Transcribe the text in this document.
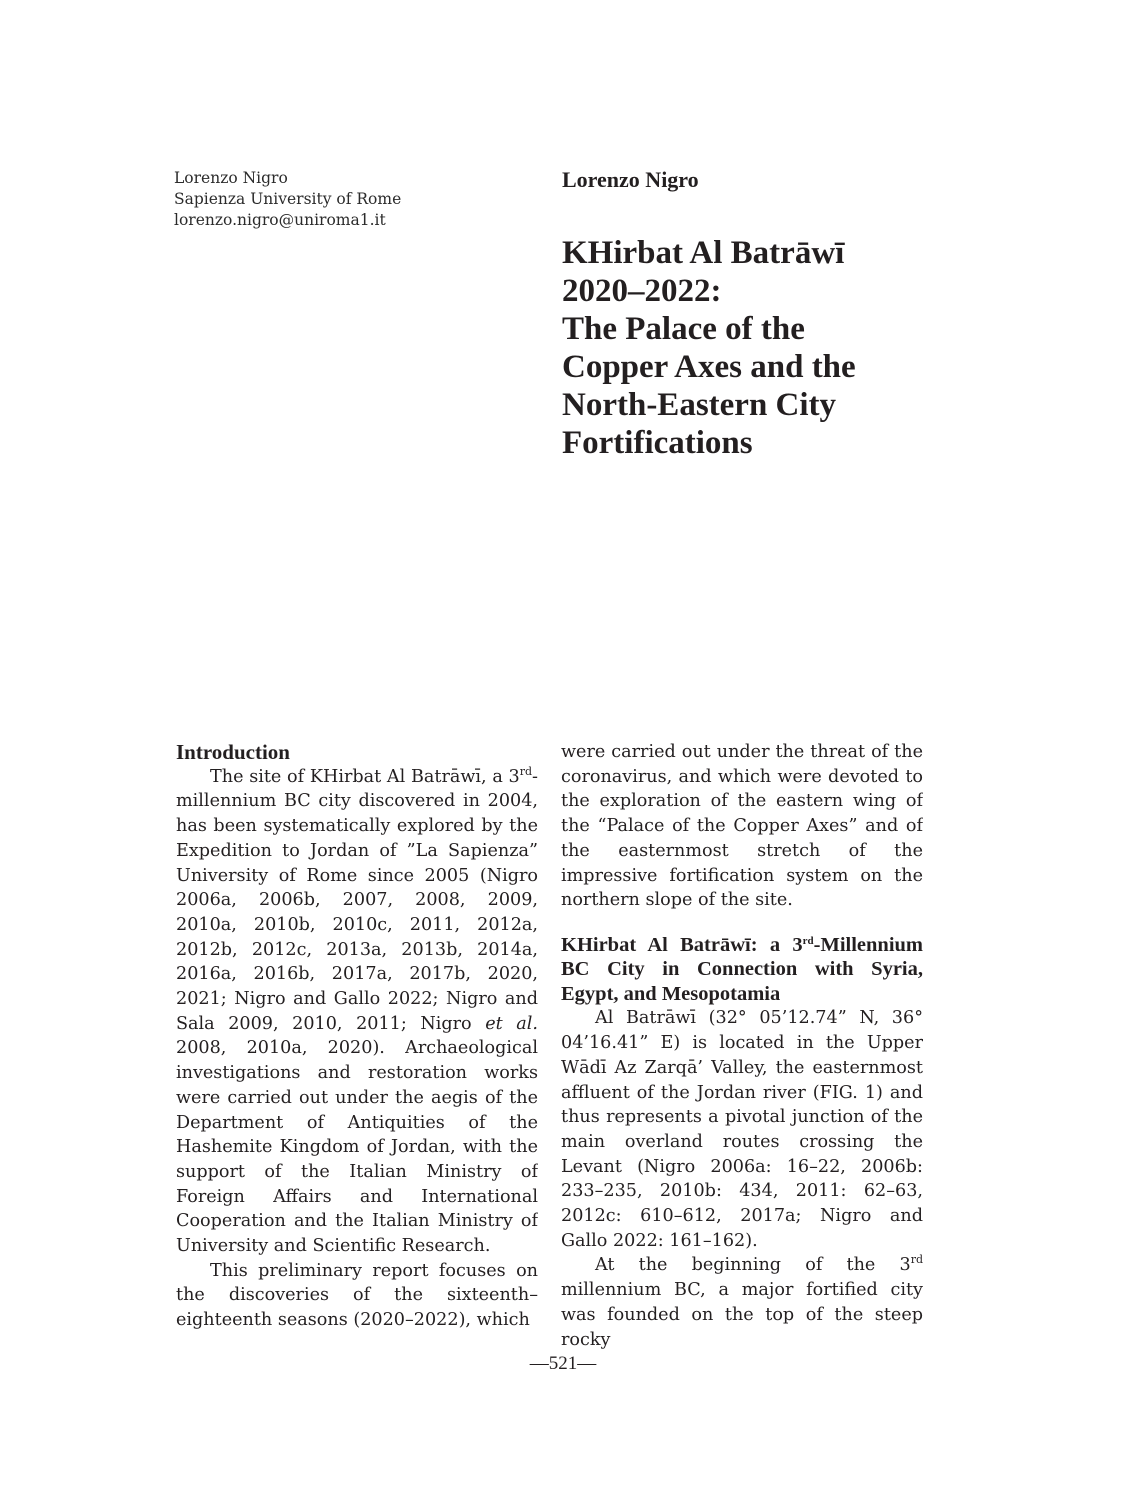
Lorenzo Nigro
Sapienza University of Rome
lorenzo.nigro@uniroma1.it
Lorenzo Nigro
KHirbat Al Batrāwī
2020–2022:
The Palace of the
Copper Axes and the
North-Eastern City
Fortifications
Introduction
The site of KHirbat Al Batrāwī, a 3rd-millennium BC city discovered in 2004, has been systematically explored by the Expedition to Jordan of ”La Sapienza” University of Rome since 2005 (Nigro 2006a, 2006b, 2007, 2008, 2009, 2010a, 2010b, 2010c, 2011, 2012a, 2012b, 2012c, 2013a, 2013b, 2014a, 2016a, 2016b, 2017a, 2017b, 2020, 2021; Nigro and Gallo 2022; Nigro and Sala 2009, 2010, 2011; Nigro et al. 2008, 2010a, 2020). Archaeological investigations and restoration works were carried out under the aegis of the Department of Antiquities of the Hashemite Kingdom of Jordan, with the support of the Italian Ministry of Foreign Affairs and International Cooperation and the Italian Ministry of University and Scientific Research.
This preliminary report focuses on the discoveries of the sixteenth–eighteenth seasons (2020–2022), which
were carried out under the threat of the coronavirus, and which were devoted to the exploration of the eastern wing of the “Palace of the Copper Axes” and of the easternmost stretch of the impressive fortification system on the northern slope of the site.
KHirbat Al Batrāwī: a 3rd-Millennium BC City in Connection with Syria, Egypt, and Mesopotamia
Al Batrāwī (32° 05’12.74” N, 36° 04’16.41” E) is located in the Upper Wādī Az Zarqā’ Valley, the easternmost affluent of the Jordan river (FIG. 1) and thus represents a pivotal junction of the main overland routes crossing the Levant (Nigro 2006a: 16–22, 2006b: 233–235, 2010b: 434, 2011: 62–63, 2012c: 610–612, 2017a; Nigro and Gallo 2022: 161–162).
At the beginning of the 3rd millennium BC, a major fortified city was founded on the top of the steep rocky
—521—
